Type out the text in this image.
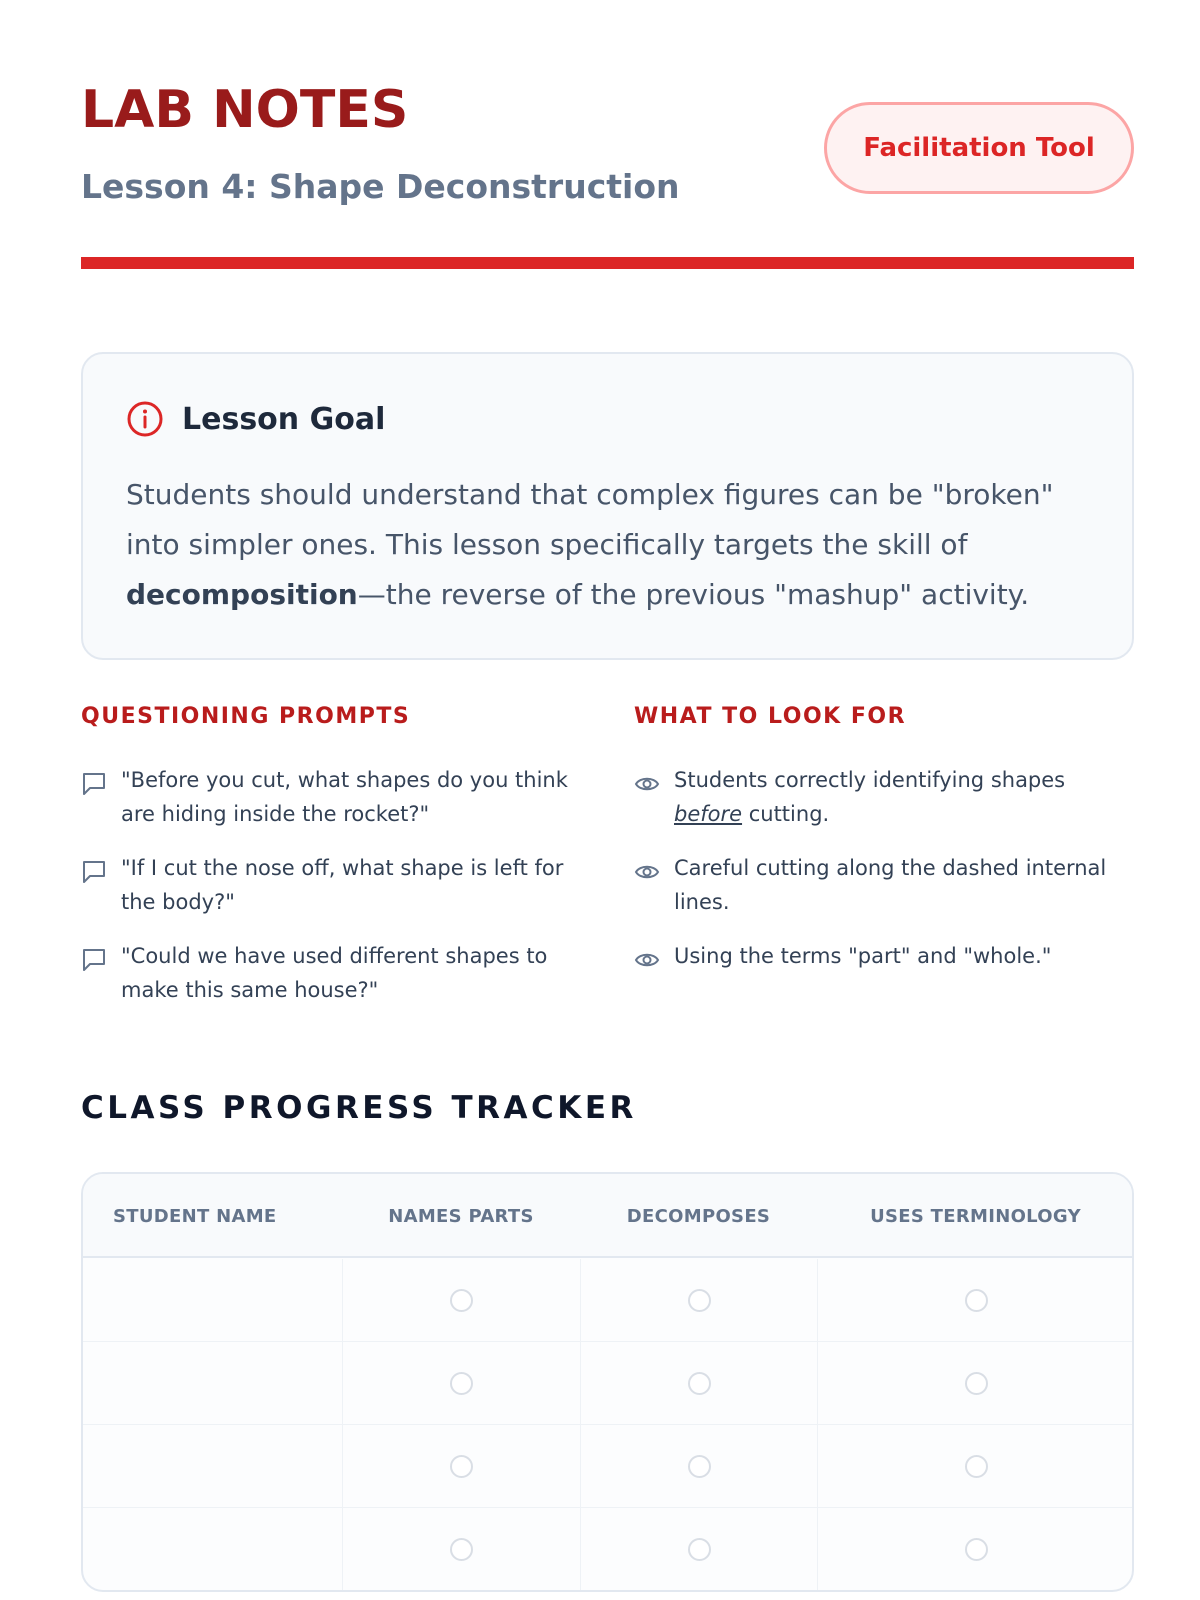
LAB NOTES
Lesson 4: Shape Deconstruction
Facilitation Tool
Lesson Goal
Students should understand that complex figures can be "broken" into simpler ones. This lesson specifically targets the skill of decomposition—the reverse of the previous "mashup" activity.
QUESTIONING PROMPTS
"Before you cut, what shapes do you think are hiding inside the rocket?"
"If I cut the nose off, what shape is left for the body?"
"Could we have used different shapes to make this same house?"
WHAT TO LOOK FOR
Students correctly identifying shapes before cutting.
Careful cutting along the dashed internal lines.
Using the terms "part" and "whole."
CLASS PROGRESS TRACKER
STUDENT NAME	NAMES PARTS	DECOMPOSES	USES TERMINOLOGY
